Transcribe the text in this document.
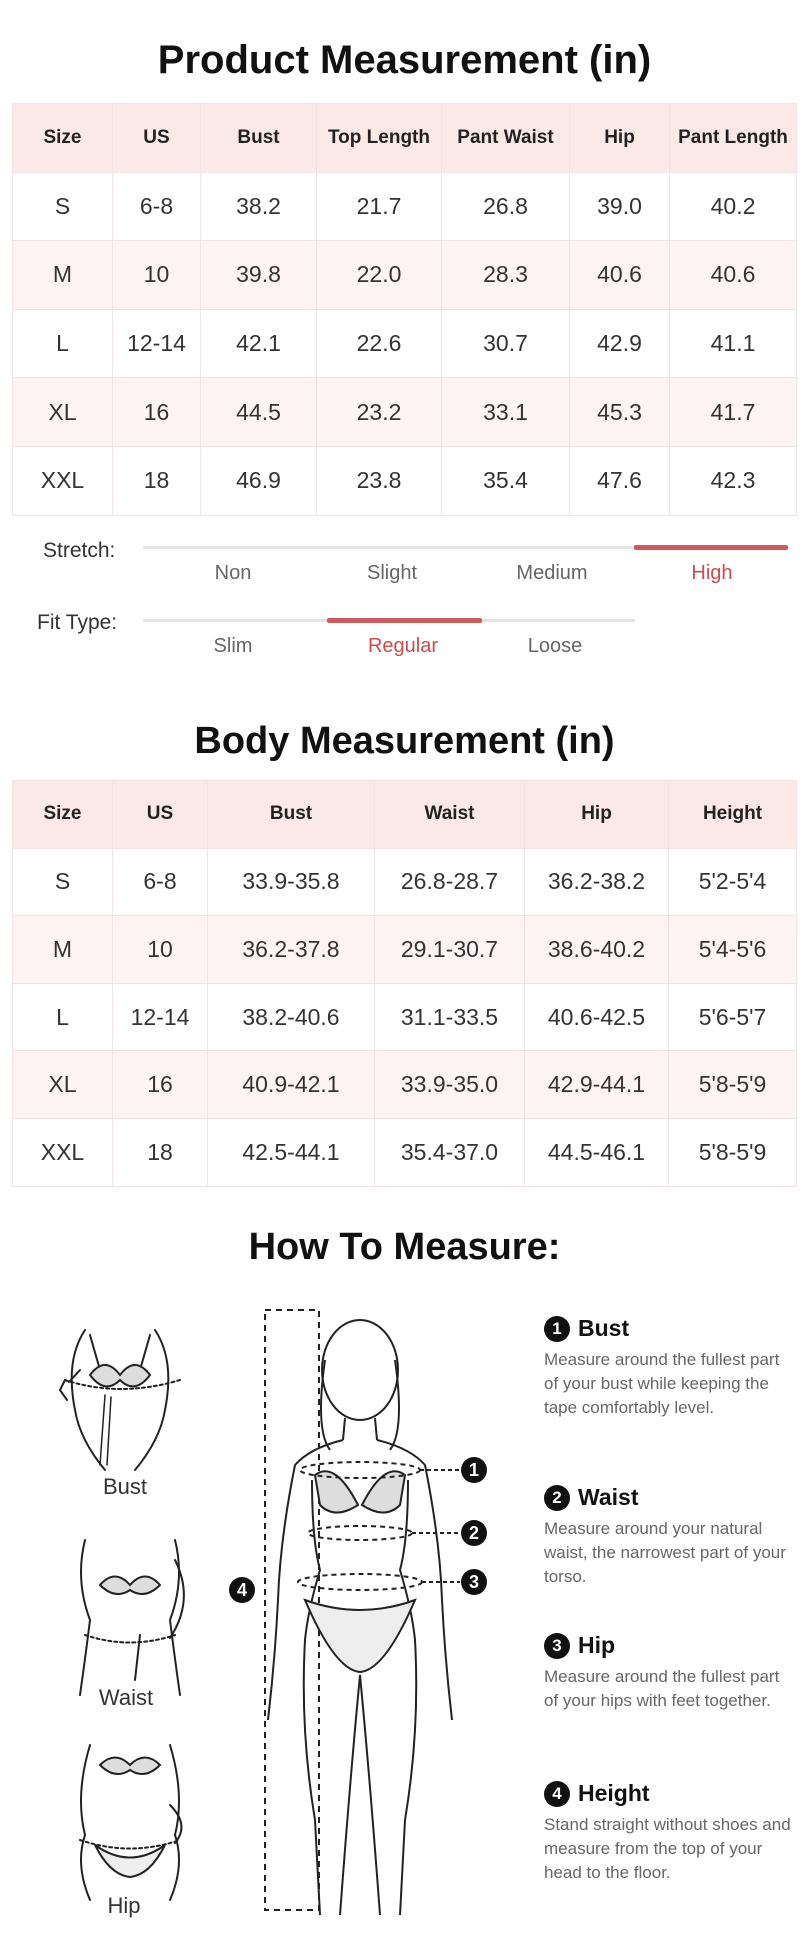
Product Measurement (in)
Size	US	Bust	Top Length	Pant Waist	Hip	Pant Length
S	6-8	38.2	21.7	26.8	39.0	40.2
M	10	39.8	22.0	28.3	40.6	40.6
L	12-14	42.1	22.6	30.7	42.9	41.1
XL	16	44.5	23.2	33.1	45.3	41.7
XXL	18	46.9	23.8	35.4	47.6	42.3
Stretch:
Non	Slight	Medium	High
Fit Type:
Slim	Regular	Loose
Body Measurement (in)
Size	US	Bust	Waist	Hip	Height
S	6-8	33.9-35.8	26.8-28.7	36.2-38.2	5'2-5'4
M	10	36.2-37.8	29.1-30.7	38.6-40.2	5'4-5'6
L	12-14	38.2-40.6	31.1-33.5	40.6-42.5	5'6-5'7
XL	16	40.9-42.1	33.9-35.0	42.9-44.1	5'8-5'9
XXL	18	42.5-44.1	35.4-37.0	44.5-46.1	5'8-5'9
How To Measure:
Bust
Waist
Hip
1
2
3
4
1 Bust
Measure around the fullest part of your bust while keeping the tape comfortably level.
2 Waist
Measure around your natural waist, the narrowest part of your torso.
3 Hip
Measure around the fullest part of your hips with feet together.
4 Height
Stand straight without shoes and measure from the top of your head to the floor.
